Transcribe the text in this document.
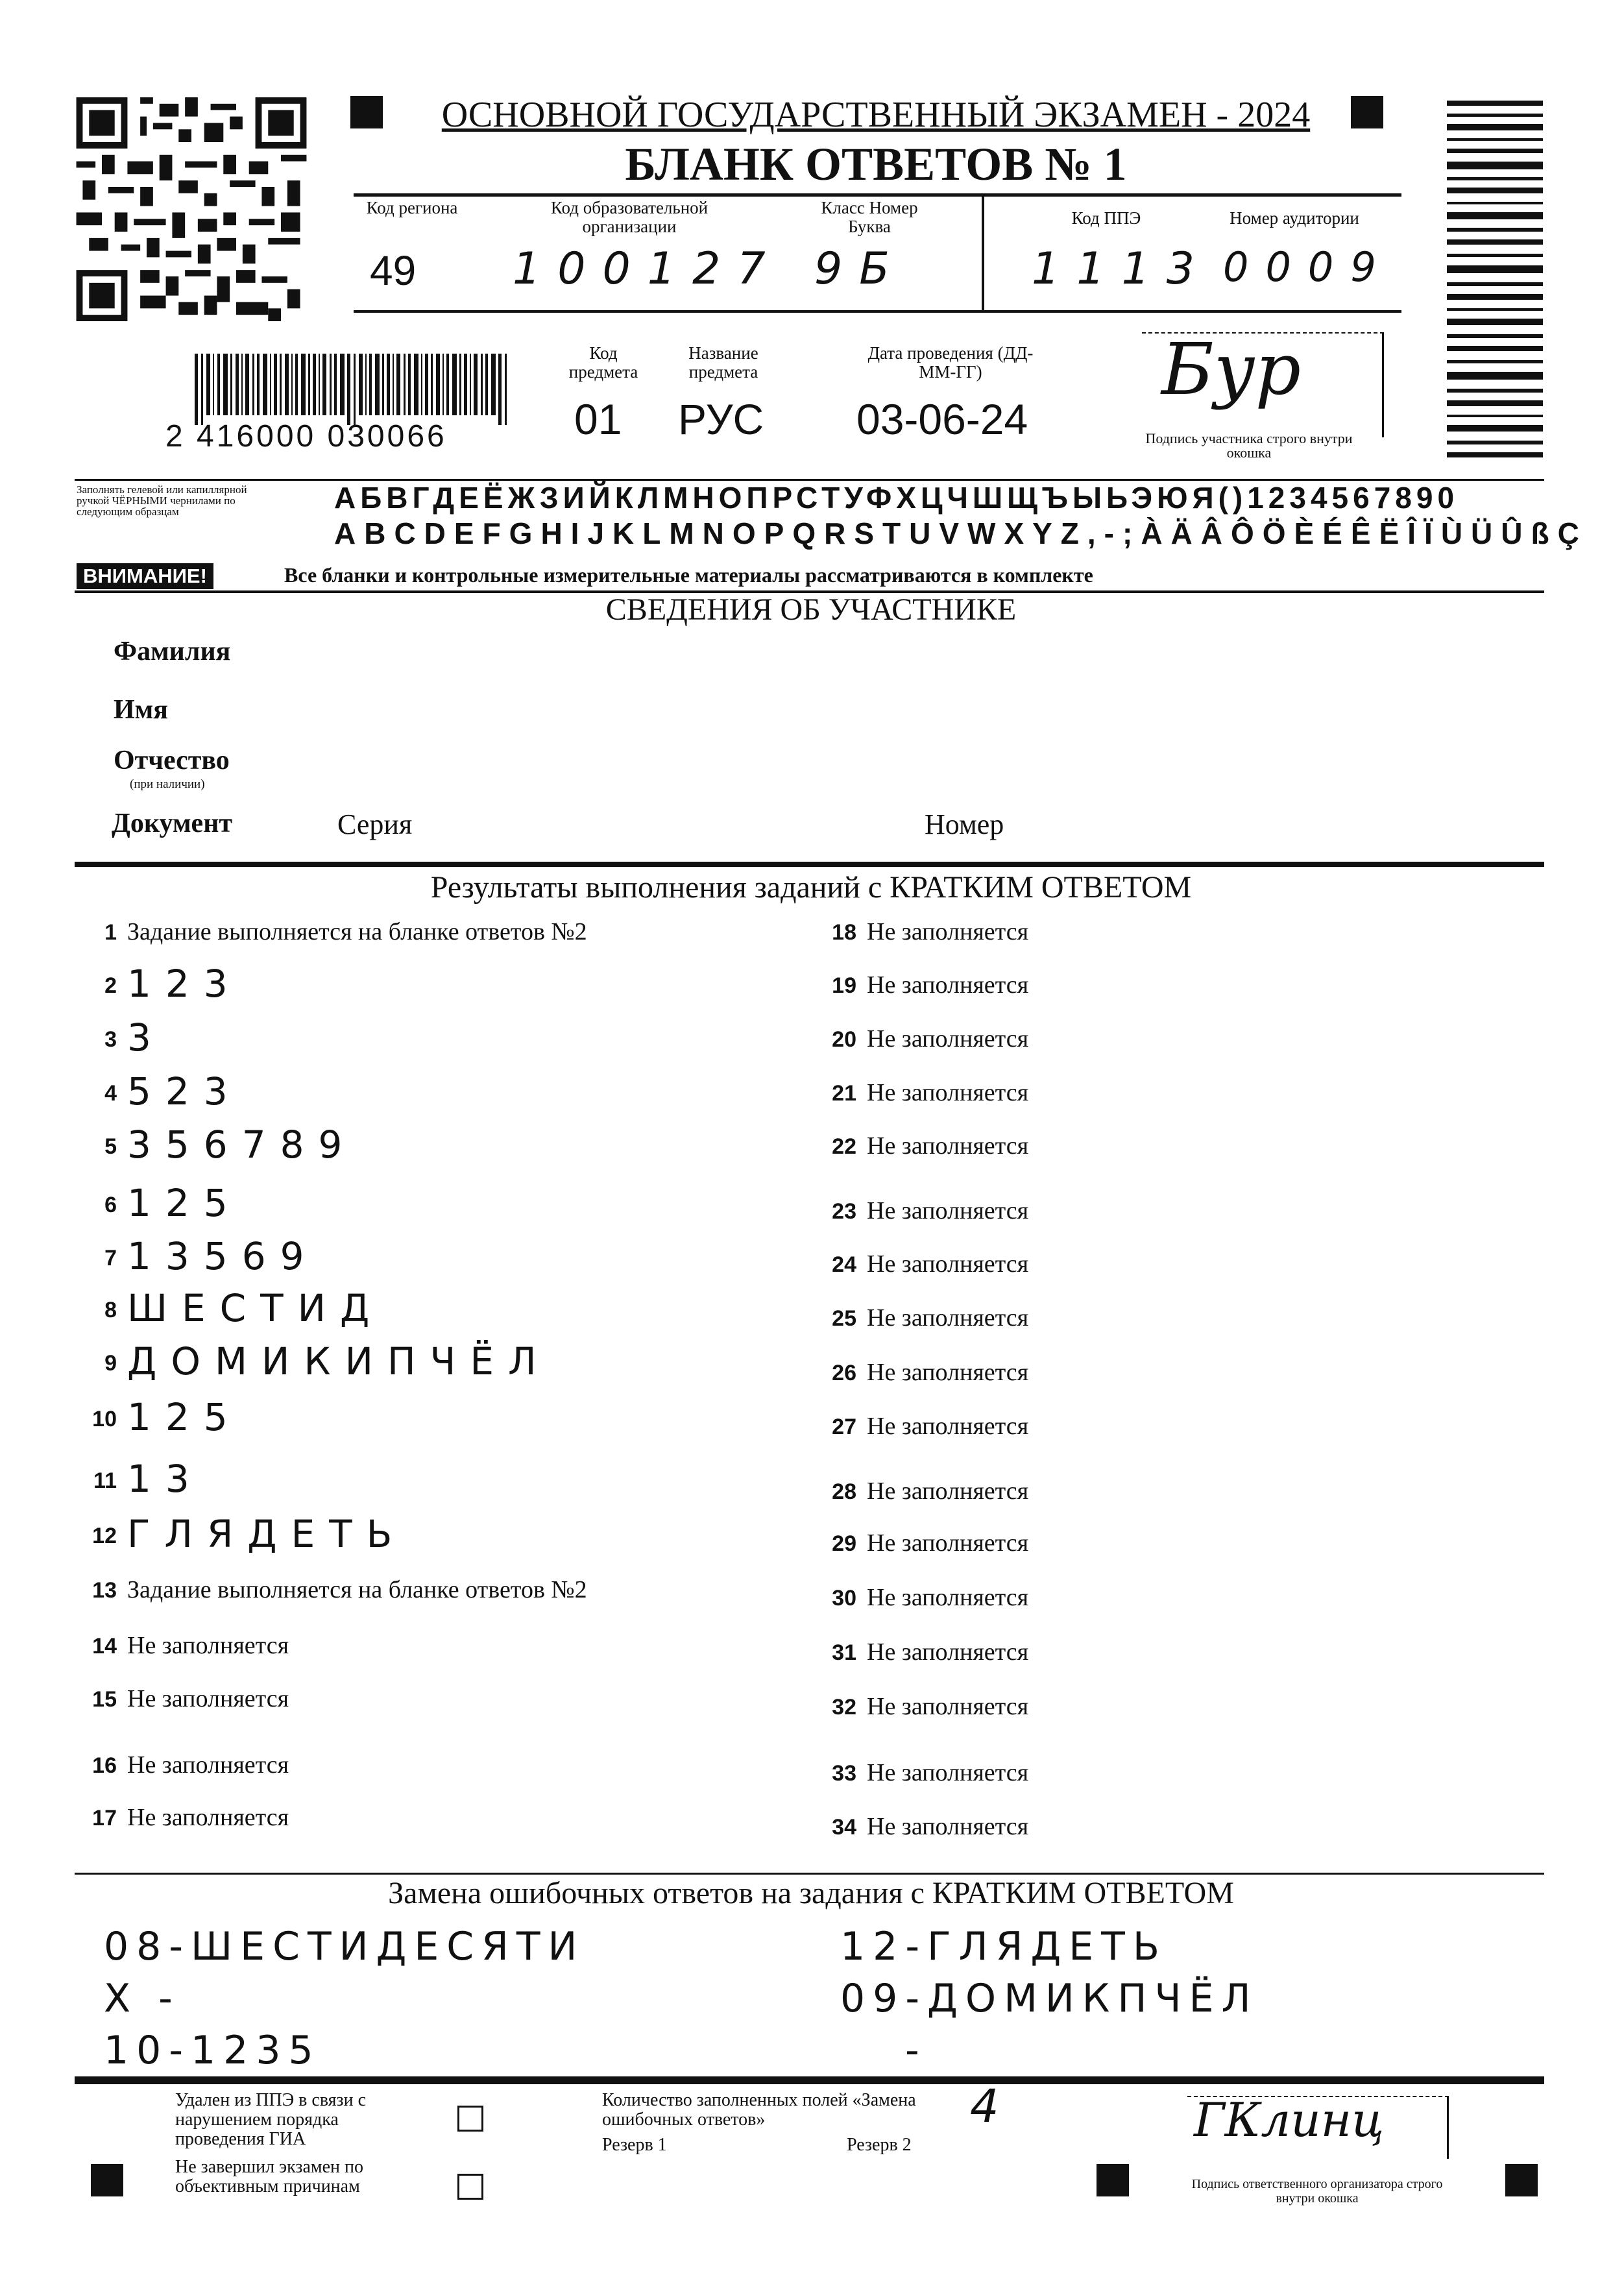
ОСНОВНОЙ ГОСУДАРСТВЕННЫЙ ЭКЗАМЕН - 2024
БЛАНК ОТВЕТОВ № 1
Код региона
49
Код образовательной организации
100127
Класс Номер Буква
9Б
Код ППЭ
1113
Номер аудитории
0009
2 416000 030066
Код предмета
01
Название предмета
РУС
Дата проведения (ДД-ММ-ГГ)
03-06-24
Бур
Подпись участника строго внутри окошка
Заполнять гелевой или капиллярной ручкой ЧЁРНЫМИ чернилами по следующим образцам	АБВГДЕЁЖЗИЙКЛМНОПРСТУФХЦЧШЩЪЫЬЭЮЯ()1234567890
ABCDEFGHIJKLMNOPQRSTUVWXYZ,-;ÀÄÂÔÖÈÉÊËÎÏÙÜÛßÇ
ВНИМАНИЕ!	Все бланки и контрольные измерительные материалы рассматриваются в комплекте
СВЕДЕНИЯ ОБ УЧАСТНИКЕ
Фамилия
Имя
Отчество
(при наличии)
Документ	Серия	Номер
Результаты выполнения заданий с КРАТКИМ ОТВЕТОМ
1 Задание выполняется на бланке ответов №2
2 123
3 3
4 523
5 356789
6 125
7 13569
8 ШЕСТИД
9 ДОМИКИПЧЁЛ
10 125
11 13
12 ГЛЯДЕТЬ
13 Задание выполняется на бланке ответов №2
14 Не заполняется
15 Не заполняется
16 Не заполняется
17 Не заполняется
18 Не заполняется
19 Не заполняется
20 Не заполняется
21 Не заполняется
22 Не заполняется
23 Не заполняется
24 Не заполняется
25 Не заполняется
26 Не заполняется
27 Не заполняется
28 Не заполняется
29 Не заполняется
30 Не заполняется
31 Не заполняется
32 Не заполняется
33 Не заполняется
34 Не заполняется
Замена ошибочных ответов на задания с КРАТКИМ ОТВЕТОМ
08-ШЕСТИДЕСЯТИ
X -
10-1235
12-ГЛЯДЕТЬ
09-ДОМИКПЧЁЛ
-
Удален из ППЭ в связи с нарушением порядка проведения ГИА
Не завершил экзамен по объективным причинам
Количество заполненных полей «Замена ошибочных ответов»	4
Резерв 1	Резерв 2	ГКлинц
Подпись ответственного организатора строго внутри окошка
